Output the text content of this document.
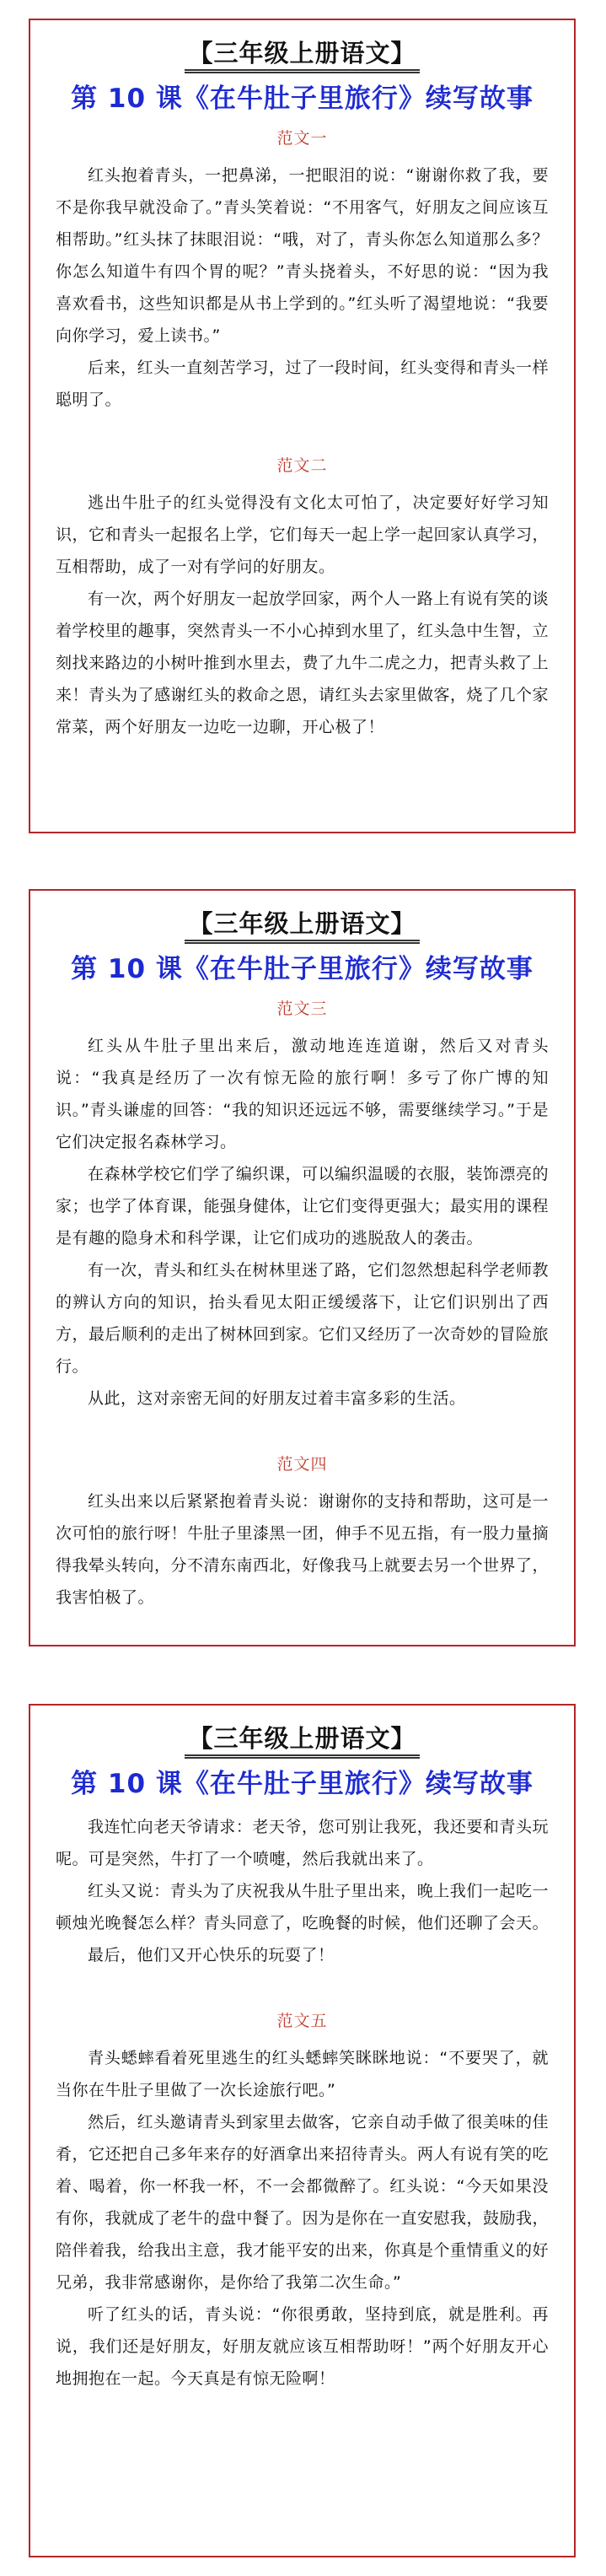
【三年级上册语文】
第 10 课《在牛肚子里旅行》续写故事
范文一

红头抱着青头，一把鼻涕，一把眼泪的说：“谢谢你救了我，要不是你我早就没命了。”青头笑着说：“不用客气，好朋友之间应该互相帮助。”红头抹了抹眼泪说：“哦，对了，青头你怎么知道那么多？你怎么知道牛有四个胃的呢？”青头挠着头，不好思的说：“因为我喜欢看书，这些知识都是从书上学到的。”红头听了渴望地说：“我要向你学习，爱上读书。”

后来，红头一直刻苦学习，过了一段时间，红头变得和青头一样聪明了。

范文二

逃出牛肚子的红头觉得没有文化太可怕了，决定要好好学习知识，它和青头一起报名上学，它们每天一起上学一起回家认真学习，互相帮助，成了一对有学问的好朋友。

有一次，两个好朋友一起放学回家，两个人一路上有说有笑的谈着学校里的趣事，突然青头一不小心掉到水里了，红头急中生智，立刻找来路边的小树叶推到水里去，费了九牛二虎之力，把青头救了上来！青头为了感谢红头的救命之恩，请红头去家里做客，烧了几个家常菜，两个好朋友一边吃一边聊，开心极了！

【三年级上册语文】
第 10 课《在牛肚子里旅行》续写故事
范文三

红头从牛肚子里出来后，激动地连连道谢，然后又对青头说：“我真是经历了一次有惊无险的旅行啊！多亏了你广博的知识。”青头谦虚的回答：“我的知识还远远不够，需要继续学习。”于是它们决定报名森林学习。

在森林学校它们学了编织课，可以编织温暖的衣服，装饰漂亮的家；也学了体育课，能强身健体，让它们变得更强大；最实用的课程是有趣的隐身术和科学课，让它们成功的逃脱敌人的袭击。

有一次，青头和红头在树林里迷了路，它们忽然想起科学老师教的辨认方向的知识，抬头看见太阳正缓缓落下，让它们识别出了西方，最后顺利的走出了树林回到家。它们又经历了一次奇妙的冒险旅行。

从此，这对亲密无间的好朋友过着丰富多彩的生活。

范文四

红头出来以后紧紧抱着青头说：谢谢你的支持和帮助，这可是一次可怕的旅行呀！牛肚子里漆黑一团，伸手不见五指，有一股力量摘得我晕头转向，分不清东南西北，好像我马上就要去另一个世界了，我害怕极了。

【三年级上册语文】
第 10 课《在牛肚子里旅行》续写故事

我连忙向老天爷请求：老天爷，您可别让我死，我还要和青头玩呢。可是突然，牛打了一个喷嚏，然后我就出来了。

红头又说：青头为了庆祝我从牛肚子里出来，晚上我们一起吃一顿烛光晚餐怎么样？青头同意了，吃晚餐的时候，他们还聊了会天。

最后，他们又开心快乐的玩耍了！

范文五

青头蟋蟀看着死里逃生的红头蟋蟀笑眯眯地说：“不要哭了，就当你在牛肚子里做了一次长途旅行吧。”

然后，红头邀请青头到家里去做客，它亲自动手做了很美味的佳肴，它还把自己多年来存的好酒拿出来招待青头。两人有说有笑的吃着、喝着，你一杯我一杯，不一会都微醉了。红头说：“今天如果没有你，我就成了老牛的盘中餐了。因为是你在一直安慰我，鼓励我，陪伴着我，给我出主意，我才能平安的出来，你真是个重情重义的好兄弟，我非常感谢你，是你给了我第二次生命。”

听了红头的话，青头说：“你很勇敢，坚持到底，就是胜利。再说，我们还是好朋友，好朋友就应该互相帮助呀！”两个好朋友开心地拥抱在一起。今天真是有惊无险啊！
